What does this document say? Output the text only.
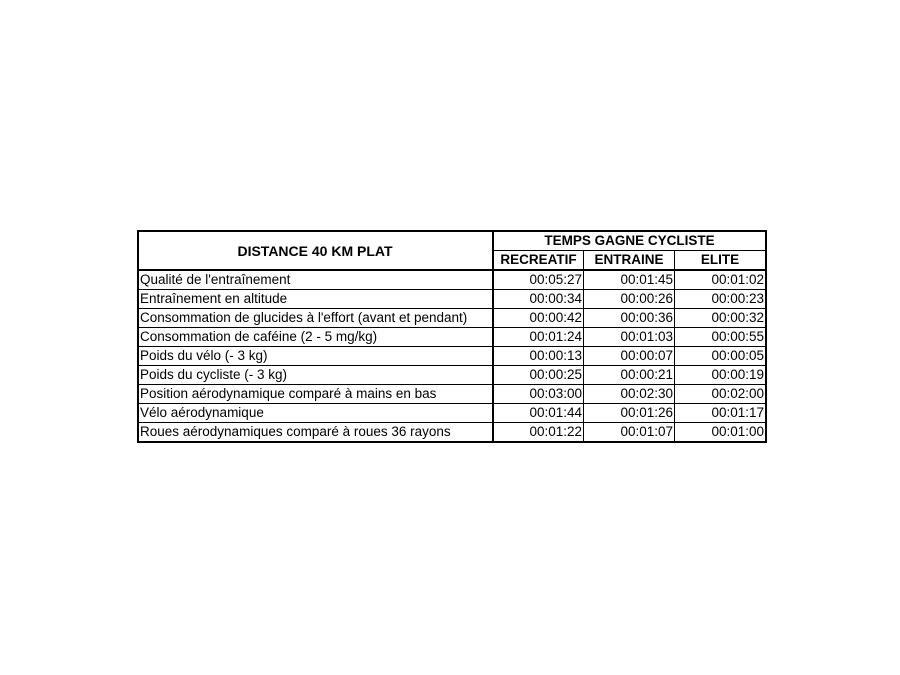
DISTANCE 40 KM PLAT	TEMPS GAGNE CYCLISTE		
	RECREATIF	ENTRAINE	ELITE
Qualité de l'entraînement	00:05:27	00:01:45	00:01:02
Entraînement en altitude	00:00:34	00:00:26	00:00:23
Consommation de glucides à l'effort (avant et pendant)	00:00:42	00:00:36	00:00:32
Consommation de caféine (2 - 5 mg/kg)	00:01:24	00:01:03	00:00:55
Poids du vélo (- 3 kg)	00:00:13	00:00:07	00:00:05
Poids du cycliste (- 3 kg)	00:00:25	00:00:21	00:00:19
Position aérodynamique comparé à mains en bas	00:03:00	00:02:30	00:02:00
Vélo aérodynamique	00:01:44	00:01:26	00:01:17
Roues aérodynamiques comparé à roues 36 rayons	00:01:22	00:01:07	00:01:00
